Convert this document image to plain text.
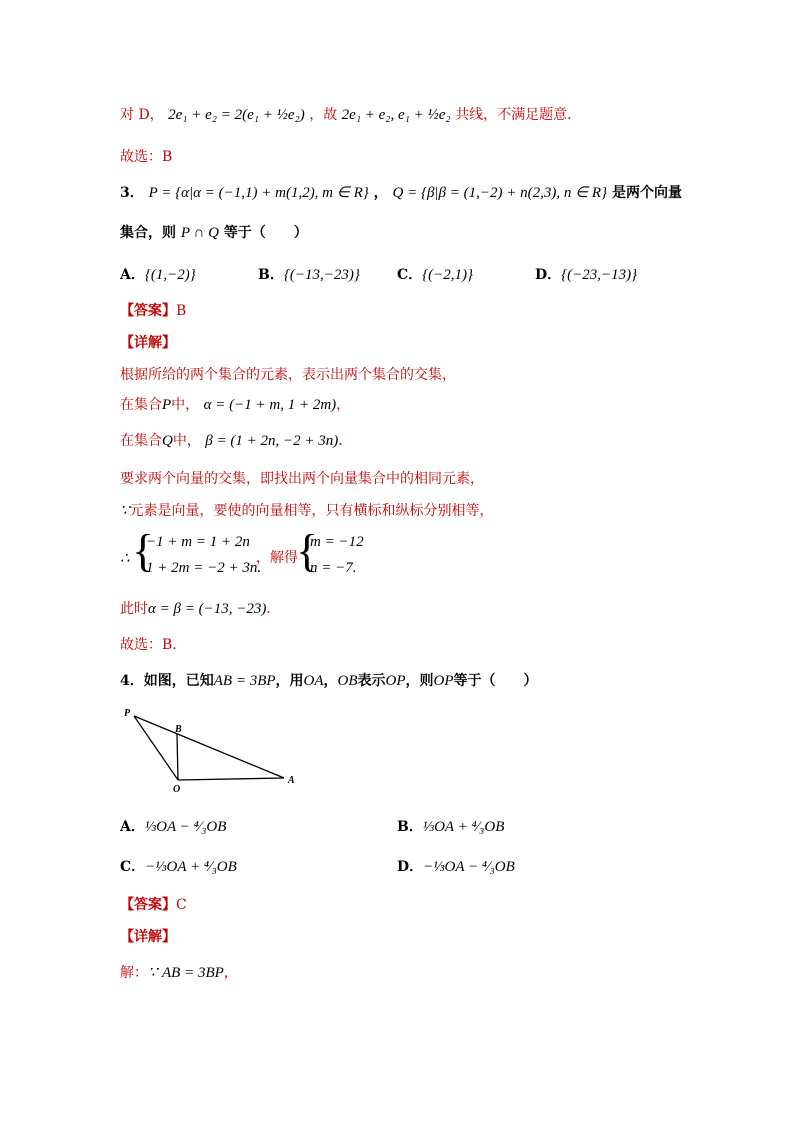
对 D， 2e₁ + e₂ = 2(e₁ + ½e₂) ，故 2e₁ + e₂, e₁ + ½e₂ 共线，不满足题意.
故选：B
3． P = {α|α = (−1,1) + m(1,2), m ∈ R} ， Q = {β|β = (1,−2) + n(2,3), n ∈ R} 是两个向量
集合，则 P ∩ Q 等于（　　）
A．{(1,−2)}	B．{(−13,−23)}	C．{(−2,1)}	D．{(−23,−13)}
【答案】B
【详解】
根据所给的两个集合的元素，表示出两个集合的交集，
在集合P中， α = (−1 + m, 1 + 2m)，
在集合Q中， β = (1 + 2n, −2 + 3n)．
要求两个向量的交集，即找出两个向量集合中的相同元素，
∵元素是向量，要使的向量相等，只有横标和纵标分别相等，
∴ {
−1 + m = 1 + 2n
1 + 2m = −2 + 3n.
，解得
{
m = −12
n = −7.
此时α = β = (−13, −23)．
故选：B．
4．如图，已知AB = 3BP，用OA，OB表示OP，则OP等于（　　）
P
B
O
A
A．⅓OA − ⁴⁄₃OB	B．⅓OA + ⁴⁄₃OB
C．−⅓OA + ⁴⁄₃OB	D．−⅓OA − ⁴⁄₃OB
【答案】C
【详解】
解：∵ AB = 3BP，
